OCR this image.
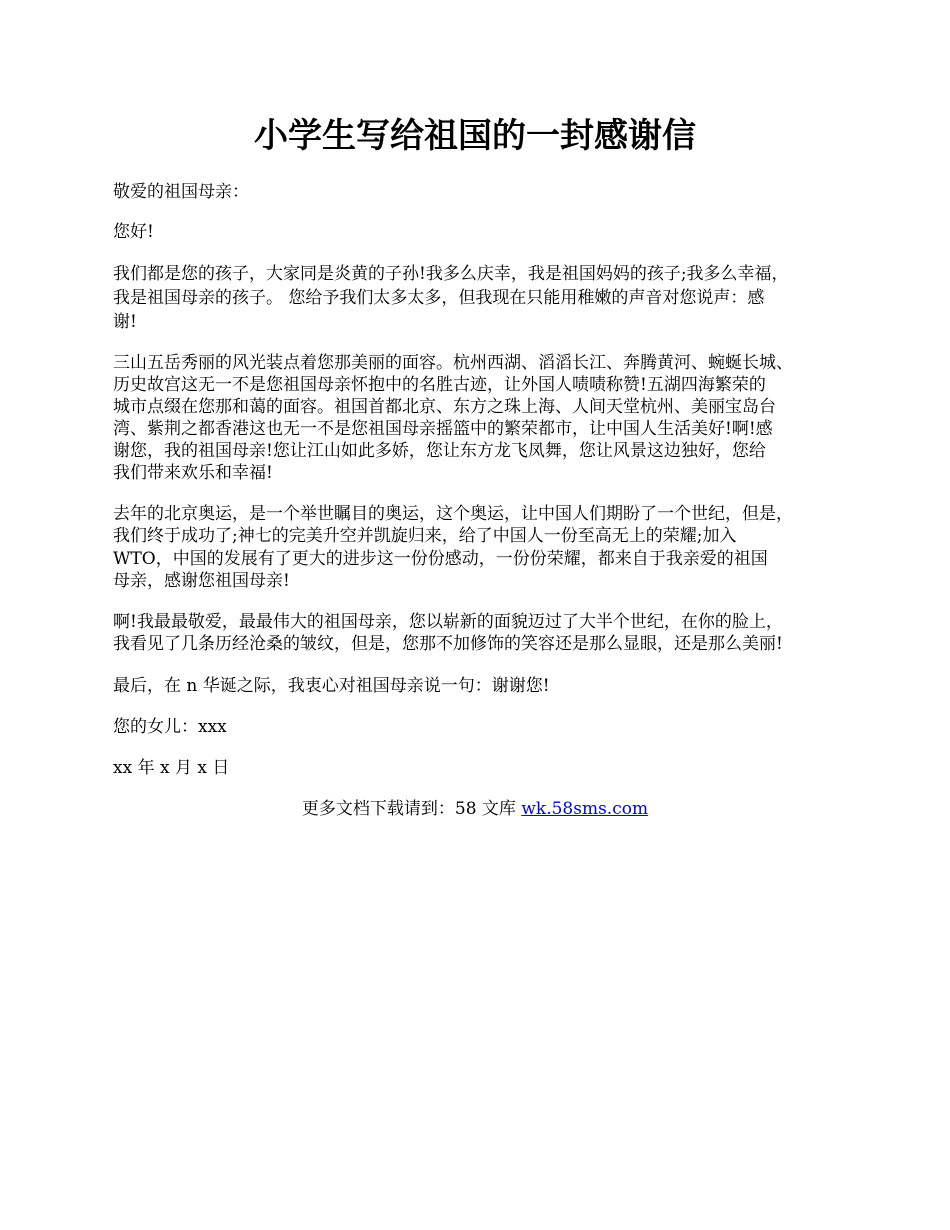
小学生写给祖国的一封感谢信

敬爱的祖国母亲：

您好!

我们都是您的孩子，大家同是炎黄的子孙!我多么庆幸，我是祖国妈妈的孩子;我多么幸福，

我是祖国母亲的孩子。 您给予我们太多太多，但我现在只能用稚嫩的声音对您说声：感

谢!

三山五岳秀丽的风光装点着您那美丽的面容。杭州西湖、滔滔长江、奔腾黄河、蜿蜒长城、

历史故宫这无一不是您祖国母亲怀抱中的名胜古迹，让外国人啧啧称赞!五湖四海繁荣的

城市点缀在您那和蔼的面容。祖国首都北京、东方之珠上海、人间天堂杭州、美丽宝岛台

湾、紫荆之都香港这也无一不是您祖国母亲摇篮中的繁荣都市，让中国人生活美好!啊!感

谢您，我的祖国母亲!您让江山如此多娇，您让东方龙飞凤舞，您让风景这边独好，您给

我们带来欢乐和幸福!

去年的北京奥运，是一个举世瞩目的奥运，这个奥运，让中国人们期盼了一个世纪，但是，

我们终于成功了;神七的完美升空并凯旋归来，给了中国人一份至高无上的荣耀;加入

WTO，中国的发展有了更大的进步这一份份感动，一份份荣耀，都来自于我亲爱的祖国

母亲，感谢您祖国母亲!

啊!我最最敬爱，最最伟大的祖国母亲，您以崭新的面貌迈过了大半个世纪，在你的脸上，

我看见了几条历经沧桑的皱纹，但是，您那不加修饰的笑容还是那么显眼，还是那么美丽!

最后，在 n 华诞之际，我衷心对祖国母亲说一句：谢谢您!

您的女儿：xxx

xx 年 x 月 x 日

更多文档下载请到：58 文库 wk.58sms.com
